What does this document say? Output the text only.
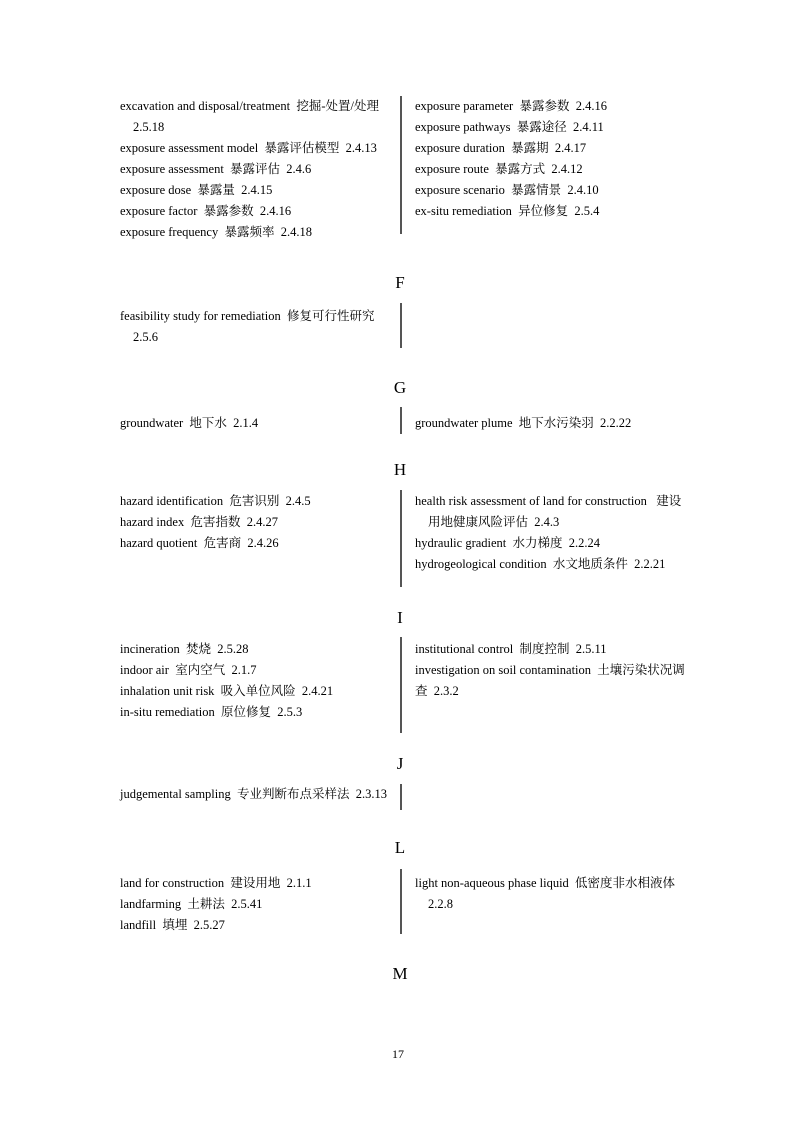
excavation and disposal/treatment  挖掘-处置/处理
2.5.18
exposure assessment model  暴露评估模型  2.4.13
exposure assessment  暴露评估  2.4.6
exposure dose  暴露量  2.4.15
exposure factor  暴露参数  2.4.16
exposure frequency  暴露频率  2.4.18
exposure parameter  暴露参数  2.4.16
exposure pathways  暴露途径  2.4.11
exposure duration  暴露期  2.4.17
exposure route  暴露方式  2.4.12
exposure scenario  暴露情景  2.4.10
ex-situ remediation  异位修复  2.5.4
F
feasibility study for remediation  修复可行性研究
2.5.6
G
groundwater  地下水  2.1.4	groundwater plume  地下水污染羽  2.2.22
H
hazard identification  危害识别  2.4.5
hazard index  危害指数  2.4.27
hazard quotient  危害商  2.4.26
health risk assessment of land for construction   建设
用地健康风险评估  2.4.3
hydraulic gradient  水力梯度  2.2.24
hydrogeological condition  水文地质条件  2.2.21
I
incineration  焚烧  2.5.28
indoor air  室内空气  2.1.7
inhalation unit risk  吸入单位风险  2.4.21
in-situ remediation  原位修复  2.5.3
institutional control  制度控制  2.5.11
investigation on soil contamination  土壤污染状况调
查  2.3.2
J
judgemental sampling  专业判断布点采样法  2.3.13
L
land for construction  建设用地  2.1.1
landfarming  土耕法  2.5.41
landfill  填埋  2.5.27
light non-aqueous phase liquid  低密度非水相液体
2.2.8
M
17
